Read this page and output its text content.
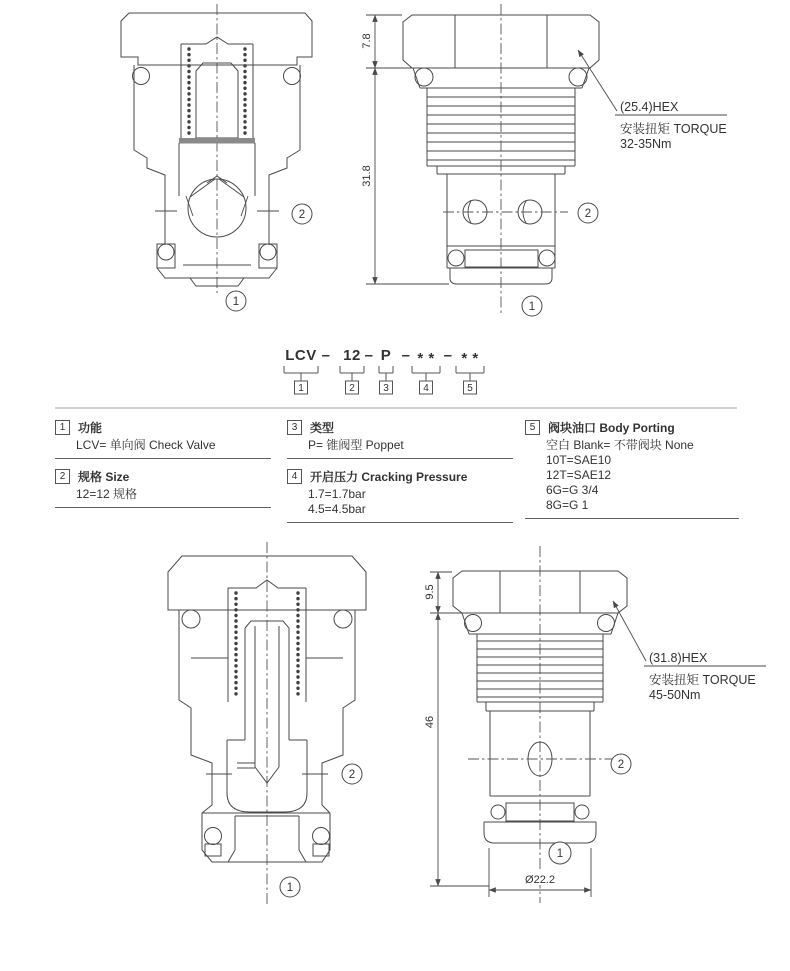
2
1
7.8
31.8
(25.4)HEX
安装扭矩 TORQUE
32-35Nm
2
1
LCV – 12 – P – * * – * *
1	2	3	4	5
2
1
9.5
46
Ø22.2
(31.8)HEX
安装扭矩 TORQUE
45-50Nm
2
1
1	功能
LCV= 单向阀 Check Valve
2	规格 Size
12=12 规格
3	类型
P= 锥阀型 Poppet
4	开启压力 Cracking Pressure
1.7=1.7bar
4.5=4.5bar
5	阀块油口 Body Porting
空白 Blank= 不带阀块 None
10T=SAE10
12T=SAE12
6G=G 3/4
8G=G 1
